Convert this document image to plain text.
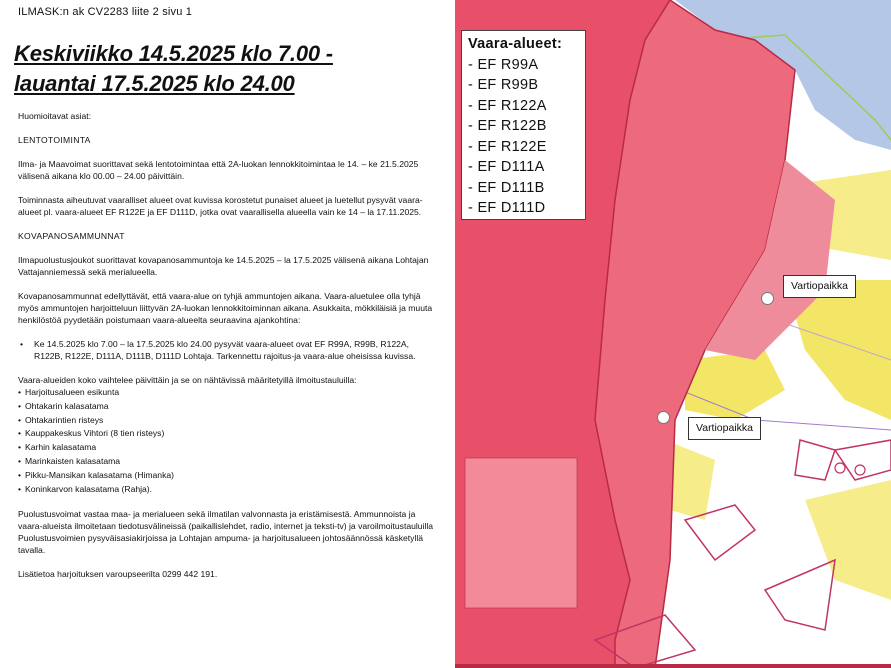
ILMASK:n ak CV2283 liite 2 sivu 1
Keskiviikko 14.5.2025 klo 7.00 -
lauantai 17.5.2025 klo 24.00

Huomioitavat asiat:

LENTOTOIMINTA

Ilma- ja Maavoimat suorittavat sekä lentotoimintaa että 2A-luokan lennokkitoimintaa le 14. – ke 21.5.2025 välisenä aikana klo 00.00 – 24.00 päivittäin.

Toiminnasta aiheutuvat vaaralliset alueet ovat kuvissa korostetut punaiset alueet ja luetellut pysyvät vaara-alueet pl. vaara-alueet EF R122E ja EF D111D, jotka ovat vaarallisella alueella vain ke 14 – la 17.11.2025.

KOVAPANOSAMMUNNAT

Ilmapuolustusjoukot suorittavat kovapanosammuntoja ke 14.5.2025 – la 17.5.2025 välisenä aikana Lohtajan Vattajanniemessä sekä merialueella.

Kovapanosammunnat edellyttävät, että vaara-alue on tyhjä ammuntojen aikana. Vaara-aluetulee olla tyhjä myös ammuntojen harjoitteluun liittyvän 2A-luokan lennokkitoiminnan aikana. Asukkaita, mökkiläisiä ja muuta henkilöstöä pyydetään poistumaan vaara-alueelta seuraavina ajankohtina:

• Ke 14.5.2025 klo 7.00 – la 17.5.2025 klo 24.00 pysyvät vaara-alueet ovat EF R99A, R99B, R122A, R122B, R122E, D111A, D111B, D111D Lohtaja. Tarkennettu rajoitus-ja vaara-alue oheisissa kuvissa.

Vaara-alueiden koko vaihtelee päivittäin ja se on nähtävissä määritetyillä ilmoitustauluilla:

• Harjoitusalueen esikunta
• Ohtakarin kalasatama
• Ohtakarintien risteys
• Kauppakeskus Vihtori (8 tien risteys)
• Karhin kalasatama
• Marinkaisten kalasatama
• Pikku-Mansikan kalasatama (Himanka)
• Koninkarvon kalasatama (Rahja).

Puolustusvoimat vastaa maa- ja merialueen sekä ilmatilan valvonnasta ja eristämisestä. Ammunnoista ja vaara-alueista ilmoitetaan tiedotusvälineissä (paikallislehdet, radio, internet ja teksti-tv) ja varoilmoitustauluilla Puolustusvoimien pysyväisasiakirjoissa ja Lohtajan ampuma- ja harjoitusalueen johtosäännössä käsketyllä tavalla.

Lisätietoa harjoituksen varoupseerilta 0299 442 191.

Vaara-alueet:
- EF R99A
- EF R99B
- EF R122A
- EF R122B
- EF R122E
- EF D111A
- EF D111B
- EF D111D
Vartiopaikka
Vartiopaikka
